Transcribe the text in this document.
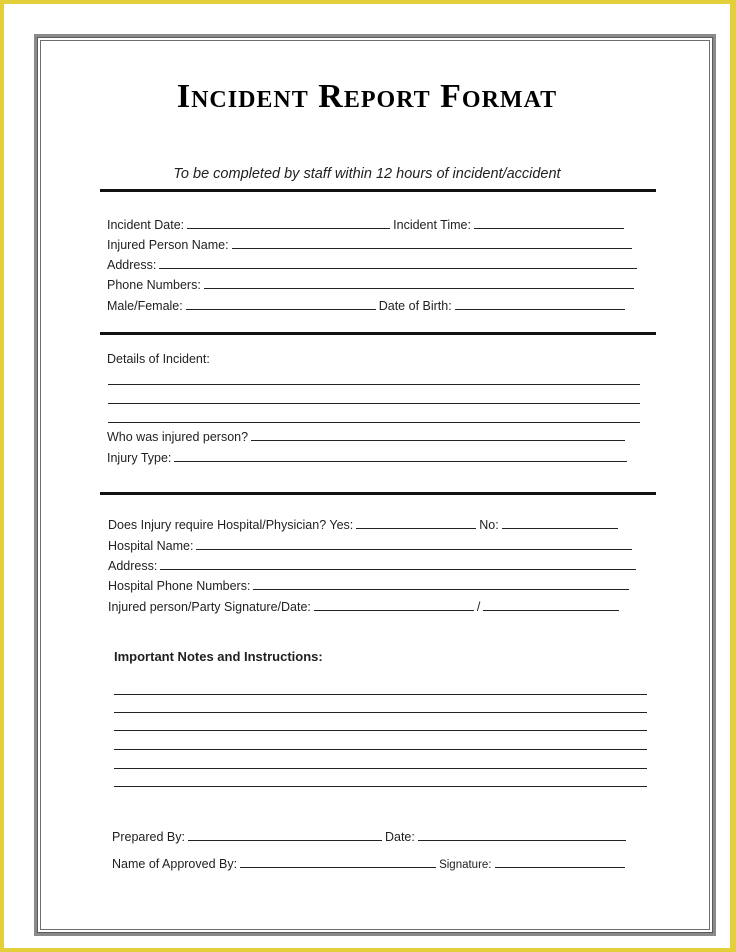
Incident Report Format
To be completed by staff within 12 hours of incident/accident
Incident Date:	Incident Time:
Injured Person Name:
Address:
Phone Numbers:
Male/Female:	Date of Birth:
Details of Incident:
Who was injured person?
Injury Type:
Does Injury require Hospital/Physician? Yes:	No:
Hospital Name:
Address:
Hospital Phone Numbers:
Injured person/Party Signature/Date:	/
Important Notes and Instructions:
Prepared By:	Date:
Name of Approved By:	Signature:
